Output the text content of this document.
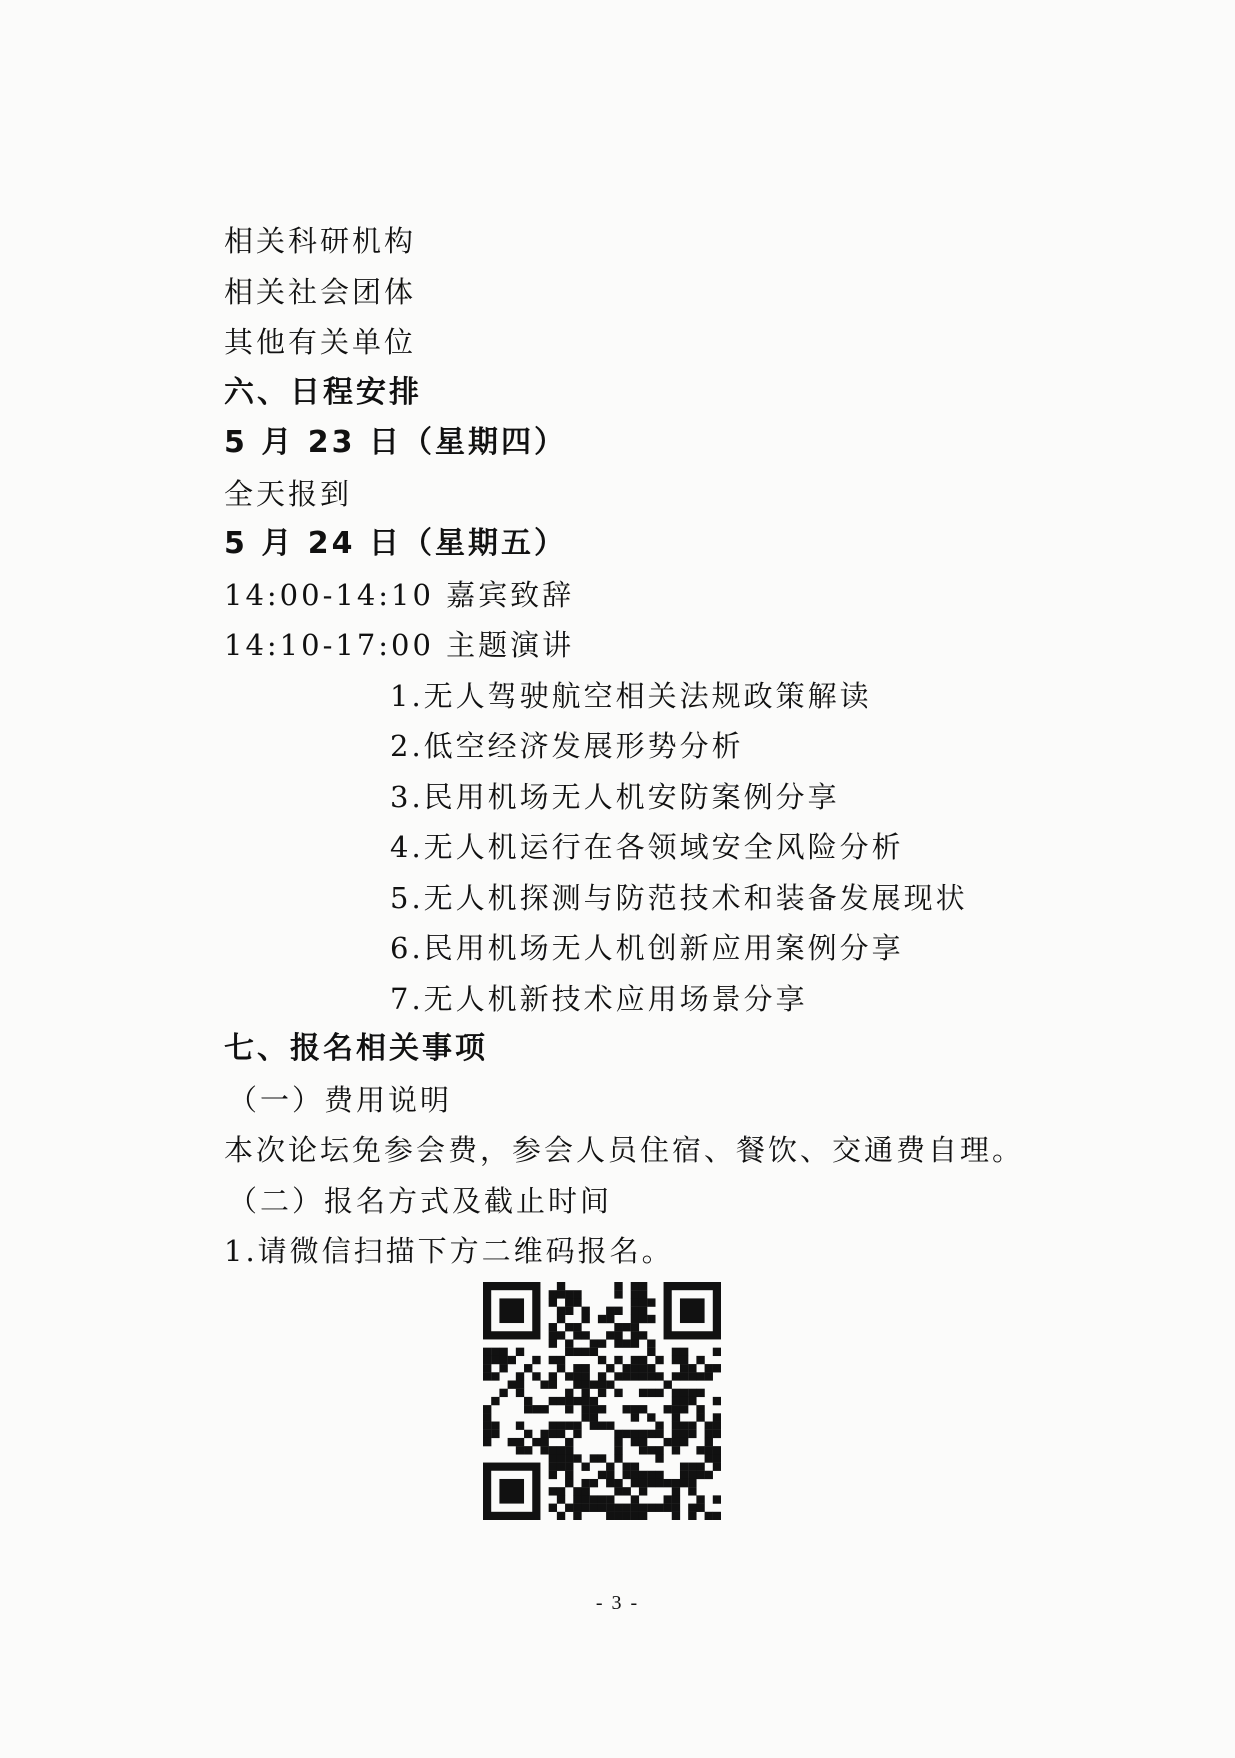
相关科研机构
相关社会团体
其他有关单位
六、日程安排
5 月 23 日（星期四）
全天报到
5 月 24 日（星期五）
14:00-14:10 嘉宾致辞
14:10-17:00 主题演讲
1.无人驾驶航空相关法规政策解读
2.低空经济发展形势分析
3.民用机场无人机安防案例分享
4.无人机运行在各领域安全风险分析
5.无人机探测与防范技术和装备发展现状
6.民用机场无人机创新应用案例分享
7.无人机新技术应用场景分享
七、报名相关事项
（一）费用说明
本次论坛免参会费，参会人员住宿、餐饮、交通费自理。
（二）报名方式及截止时间
1.请微信扫描下方二维码报名。
- 3 -
